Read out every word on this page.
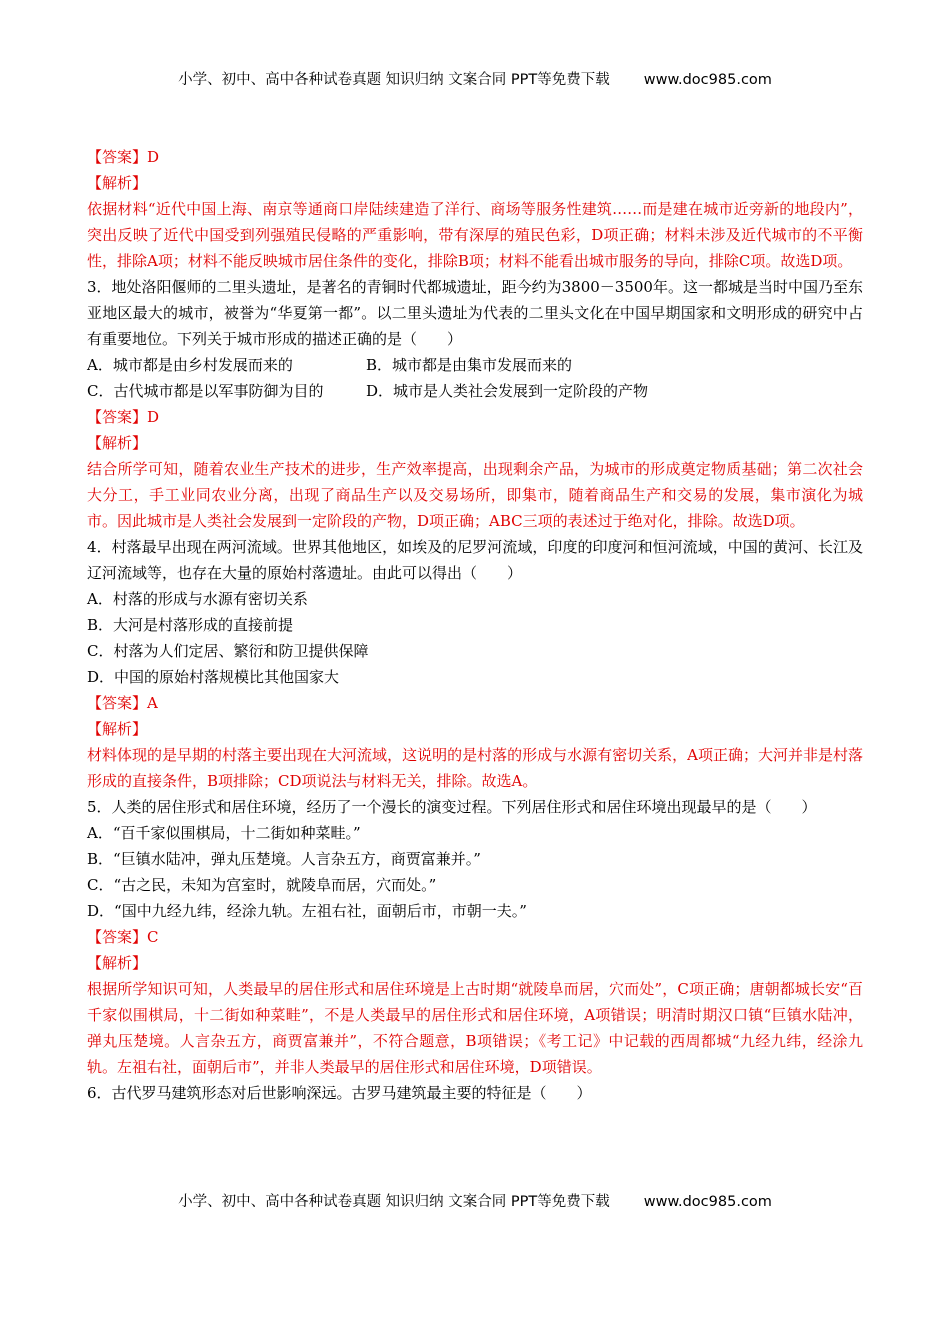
小学、初中、高中各种试卷真题 知识归纳 文案合同 PPT等免费下载 www.doc985.com
【答案】D
【解析】
依据材料“近代中国上海、南京等通商口岸陆续建造了洋行、商场等服务性建筑……而是建在城市近旁新的地段内”，突出反映了近代中国受到列强殖民侵略的严重影响，带有深厚的殖民色彩，D项正确；材料未涉及近代城市的不平衡性，排除A项；材料不能反映城市居住条件的变化，排除B项；材料不能看出城市服务的导向，排除C项。故选D项。
3．地处洛阳偃师的二里头遗址，是著名的青铜时代都城遗址，距今约为3800－3500年。这一都城是当时中国乃至东亚地区最大的城市，被誉为“华夏第一都”。以二里头遗址为代表的二里头文化在中国早期国家和文明形成的研究中占有重要地位。下列关于城市形成的描述正确的是（　　）
A．城市都是由乡村发展而来的	B．城市都是由集市发展而来的
C．古代城市都是以军事防御为目的	D．城市是人类社会发展到一定阶段的产物
【答案】D
【解析】
结合所学可知，随着农业生产技术的进步，生产效率提高，出现剩余产品，为城市的形成奠定物质基础；第二次社会大分工，手工业同农业分离，出现了商品生产以及交易场所，即集市，随着商品生产和交易的发展，集市演化为城市。因此城市是人类社会发展到一定阶段的产物，D项正确；ABC三项的表述过于绝对化，排除。故选D项。
4．村落最早出现在两河流域。世界其他地区，如埃及的尼罗河流域，印度的印度河和恒河流域，中国的黄河、长江及辽河流域等，也存在大量的原始村落遗址。由此可以得出（　　）
A．村落的形成与水源有密切关系
B．大河是村落形成的直接前提
C．村落为人们定居、繁衍和防卫提供保障
D．中国的原始村落规模比其他国家大
【答案】A
【解析】
材料体现的是早期的村落主要出现在大河流域，这说明的是村落的形成与水源有密切关系，A项正确；大河并非是村落形成的直接条件，B项排除；CD项说法与材料无关，排除。故选A。
5．人类的居住形式和居住环境，经历了一个漫长的演变过程。下列居住形式和居住环境出现最早的是（　　）
A．“百千家似围棋局，十二街如种菜畦。”
B．“巨镇水陆冲，弹丸压楚境。人言杂五方，商贾富兼并。”
C．“古之民，未知为宫室时，就陵阜而居，穴而处。”
D．“国中九经九纬，经涂九轨。左祖右社，面朝后市，市朝一夫。”
【答案】C
【解析】
根据所学知识可知，人类最早的居住形式和居住环境是上古时期“就陵阜而居，穴而处”，C项正确；唐朝都城长安“百千家似围棋局，十二街如种菜畦”，不是人类最早的居住形式和居住环境，A项错误；明清时期汉口镇“巨镇水陆冲，弹丸压楚境。人言杂五方，商贾富兼并”，不符合题意，B项错误；《考工记》中记载的西周都城“九经九纬，经涂九轨。左祖右社，面朝后市”，并非人类最早的居住形式和居住环境，D项错误。
6．古代罗马建筑形态对后世影响深远。古罗马建筑最主要的特征是（　　）
小学、初中、高中各种试卷真题 知识归纳 文案合同 PPT等免费下载 www.doc985.com
